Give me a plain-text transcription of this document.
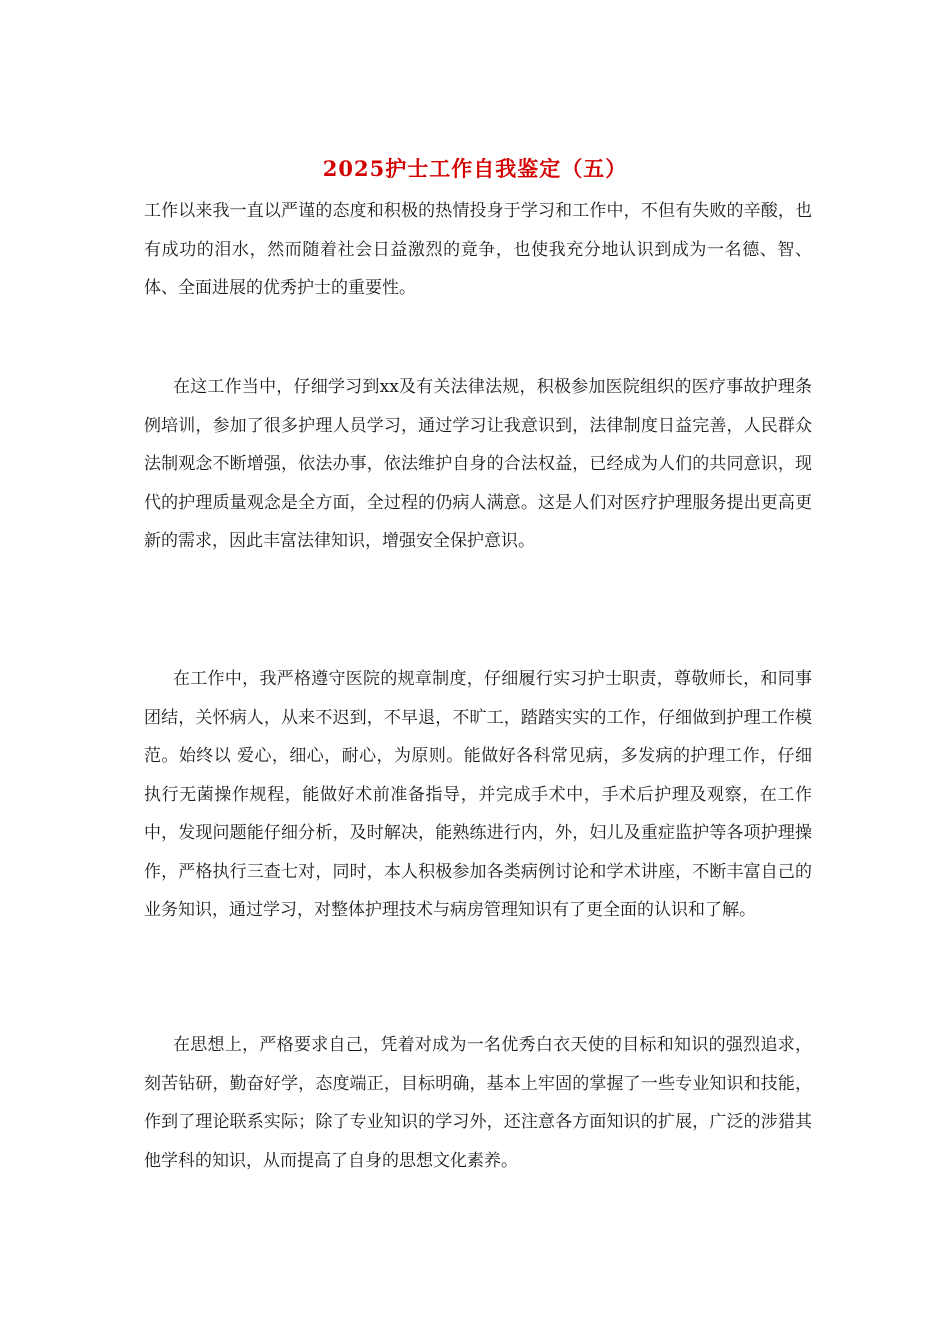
2025护士工作自我鉴定（五）

工作以来我一直以严谨的态度和积极的热情投身于学习和工作中，不但有失败的辛酸，也有成功的泪水，然而随着社会日益激烈的竟争，也使我充分地认识到成为一名德、智、体、全面进展的优秀护士的重要性。

在这工作当中，仔细学习到xx及有关法律法规，积极参加医院组织的医疗事故护理条例培训，参加了很多护理人员学习，通过学习让我意识到，法律制度日益完善，人民群众法制观念不断增强，依法办事，依法维护自身的合法权益，已经成为人们的共同意识，现代的护理质量观念是全方面，全过程的仍病人满意。这是人们对医疗护理服务提出更高更新的需求，因此丰富法律知识，增强安全保护意识。

在工作中，我严格遵守医院的规章制度，仔细履行实习护士职责，尊敬师长，和同事团结，关怀病人，从来不迟到，不早退，不旷工，踏踏实实的工作，仔细做到护理工作模范。始终以 爱心，细心，耐心，为原则。能做好各科常见病，多发病的护理工作，仔细执行无菌操作规程，能做好术前准备指导，并完成手术中，手术后护理及观察，在工作中，发现问题能仔细分析，及时解决，能熟练进行内，外，妇儿及重症监护等各项护理操作，严格执行三查七对，同时，本人积极参加各类病例讨论和学术讲座，不断丰富自己的业务知识，通过学习，对整体护理技术与病房管理知识有了更全面的认识和了解。

在思想上，严格要求自己，凭着对成为一名优秀白衣天使的目标和知识的强烈追求，刻苦钻研，勤奋好学，态度端正，目标明确，基本上牢固的掌握了一些专业知识和技能，作到了理论联系实际；除了专业知识的学习外，还注意各方面知识的扩展，广泛的涉猎其他学科的知识，从而提高了自身的思想文化素养。
